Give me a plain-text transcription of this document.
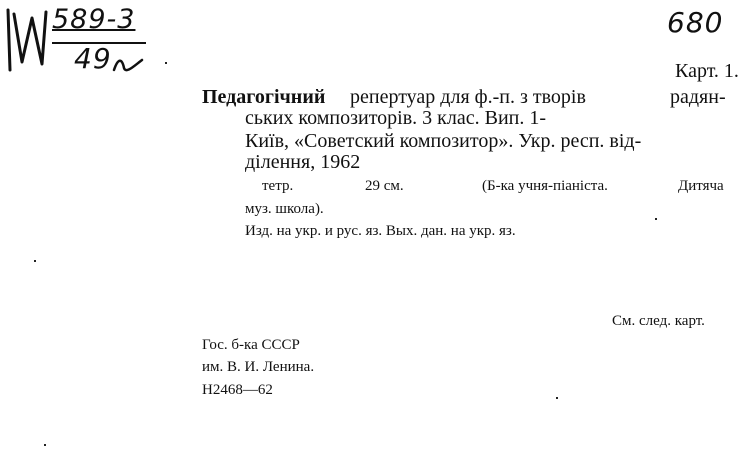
589-3
49
680
Карт. 1.
Педагогічний репертуар для ф.-п. з творів	радян-
ських композиторів. 3 клас. Вип. 1-
Київ, «Советский композитор». Укр. респ. від-
ділення, 1962
тетр.	29 см.	(Б-ка учня-піаніста.	Дитяча
муз. школа).
Изд. на укр. и рус. яз. Вых. дан. на укр. яз.
См. след. карт.
Гос. б-ка СССР
им. В. И. Ленина.
Н2468—62
